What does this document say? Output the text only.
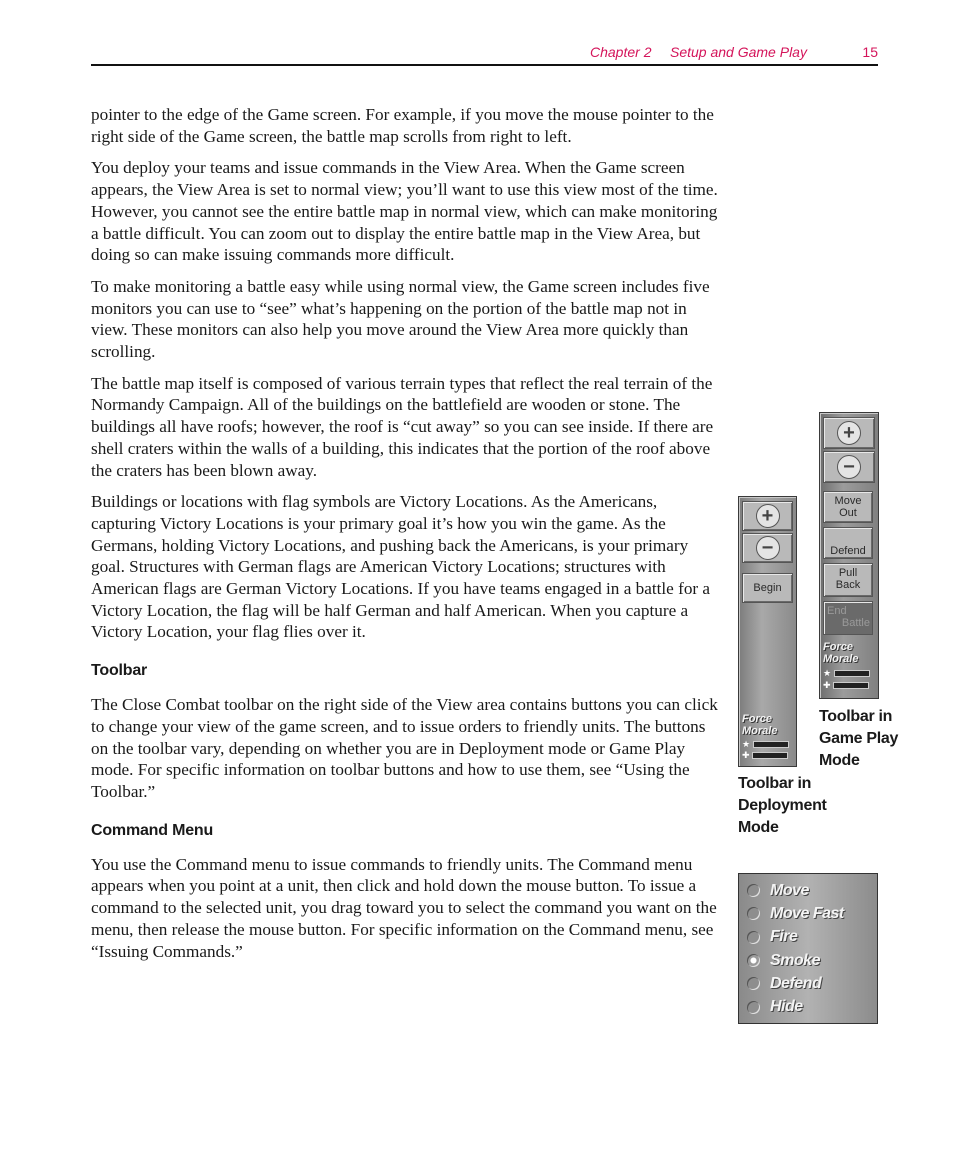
Chapter 2 Setup and Game Play	15

pointer to the edge of the Game screen. For example, if you move the mouse pointer to the right side of the Game screen, the battle map scrolls from right to left.

You deploy your teams and issue commands in the View Area. When the Game screen appears, the View Area is set to normal view; you’ll want to use this view most of the time. However, you cannot see the entire battle map in normal view, which can make monitoring a battle difficult. You can zoom out to display the entire battle map in the View Area, but doing so can make issuing commands more difficult.

To make monitoring a battle easy while using normal view, the Game screen includes five monitors you can use to “see” what’s happening on the portion of the battle map not in view. These monitors can also help you move around the View Area more quickly than scrolling.

The battle map itself is composed of various terrain types that reflect the real terrain of the Normandy Campaign. All of the buildings on the battlefield are wooden or stone. The buildings all have roofs; however, the roof is “cut away” so you can see inside. If there are shell craters within the walls of a building, this indicates that the portion of the roof above the craters has been blown away.

Buildings or locations with flag symbols are Victory Locations. As the Americans, capturing Victory Locations is your primary goal it’s how you win the game. As the Germans, holding Victory Locations, and pushing back the Americans, is your primary goal. Structures with German flags are American Victory Locations; structures with American flags are German Victory Locations. If you have teams engaged in a battle for a Victory Location, the flag will be half German and half American. When you capture a Victory Location, your flag flies over it.

Toolbar

The Close Combat toolbar on the right side of the View area contains buttons you can click to change your view of the game screen, and to issue orders to friendly units. The buttons on the toolbar vary, depending on whether you are in Deployment mode or Game Play mode. For specific information on toolbar buttons and how to use them, see “Using the Toolbar.”

Command Menu

You use the Command menu to issue commands to friendly units. The Command menu appears when you point at a unit, then click and hold down the mouse button. To issue a command to the selected unit, you drag toward you to select the command you want on the menu, then release the mouse button. For specific information on the Command menu, see “Issuing Commands.”

+
−
Begin
Force
Morale
★
✚
Toolbar in
Deployment
Mode
+
−
Move
Out
Defend
Pull
Back
End
Battle
Force
Morale
★
✚
Toolbar in
Game Play
Mode
Move
Move Fast
Fire
Smoke
Defend
Hide
